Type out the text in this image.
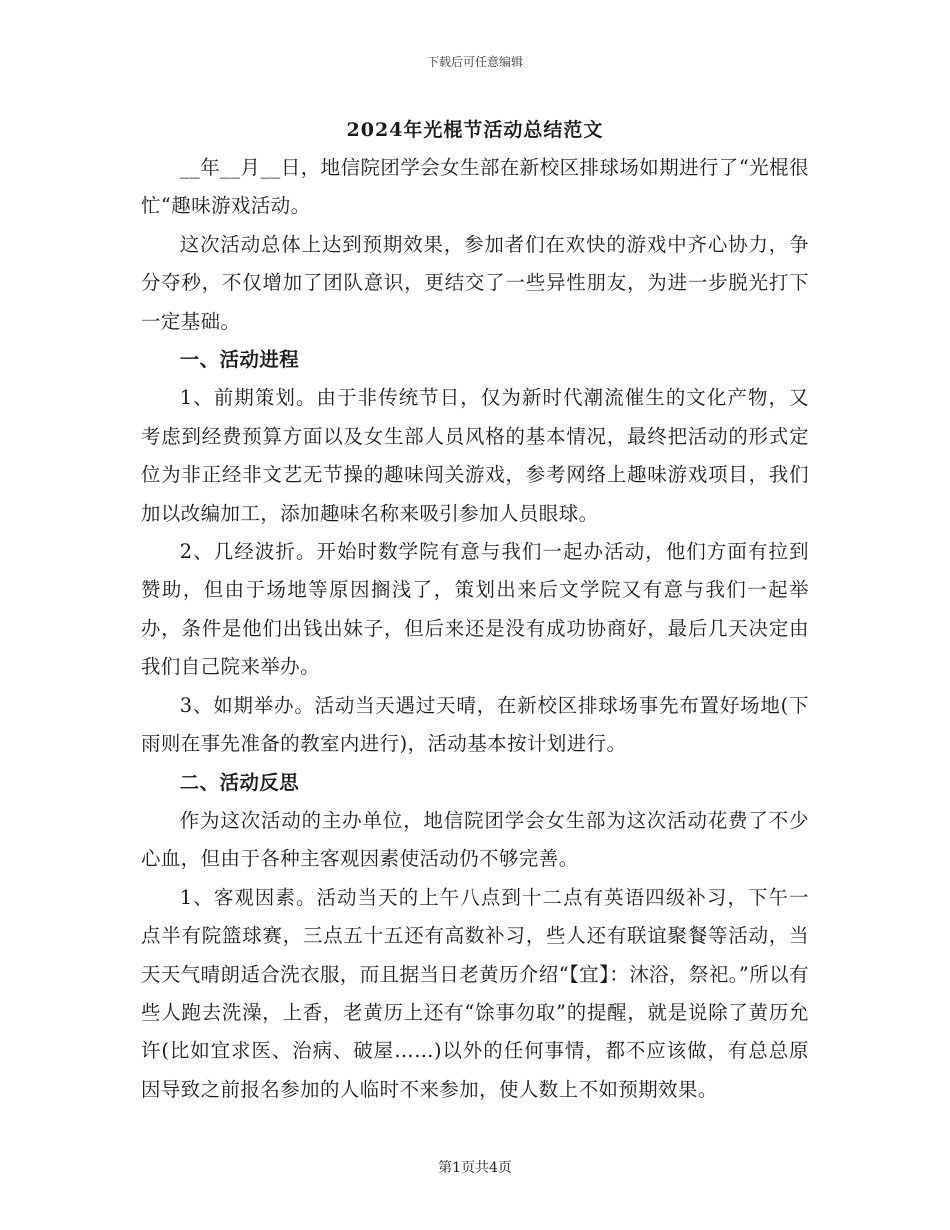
下载后可任意编辑
2024年光棍节活动总结范文

__年__月__日，地信院团学会女生部在新校区排球场如期进行了“光棍很忙“趣味游戏活动。

这次活动总体上达到预期效果，参加者们在欢快的游戏中齐心协力，争分夺秒，不仅增加了团队意识，更结交了一些异性朋友，为进一步脱光打下一定基础。

一、活动进程

1、前期策划。由于非传统节日，仅为新时代潮流催生的文化产物，又考虑到经费预算方面以及女生部人员风格的基本情况，最终把活动的形式定位为非正经非文艺无节操的趣味闯关游戏，参考网络上趣味游戏项目，我们加以改编加工，添加趣味名称来吸引参加人员眼球。

2、几经波折。开始时数学院有意与我们一起办活动，他们方面有拉到赞助，但由于场地等原因搁浅了，策划出来后文学院又有意与我们一起举办，条件是他们出钱出妹子，但后来还是没有成功协商好，最后几天决定由我们自己院来举办。

3、如期举办。活动当天遇过天晴，在新校区排球场事先布置好场地(下雨则在事先准备的教室内进行)，活动基本按计划进行。

二、活动反思

作为这次活动的主办单位，地信院团学会女生部为这次活动花费了不少心血，但由于各种主客观因素使活动仍不够完善。

1、客观因素。活动当天的上午八点到十二点有英语四级补习，下午一点半有院篮球赛，三点五十五还有高数补习，些人还有联谊聚餐等活动，当天天气晴朗适合洗衣服，而且据当日老黄历介绍“【宜】：沐浴，祭祀。”所以有些人跑去洗澡，上香，老黄历上还有“馀事勿取”的提醒，就是说除了黄历允许(比如宜求医、治病、破屋……)以外的任何事情，都不应该做，有总总原因导致之前报名参加的人临时不来参加，使人数上不如预期效果。

第1页共4页
